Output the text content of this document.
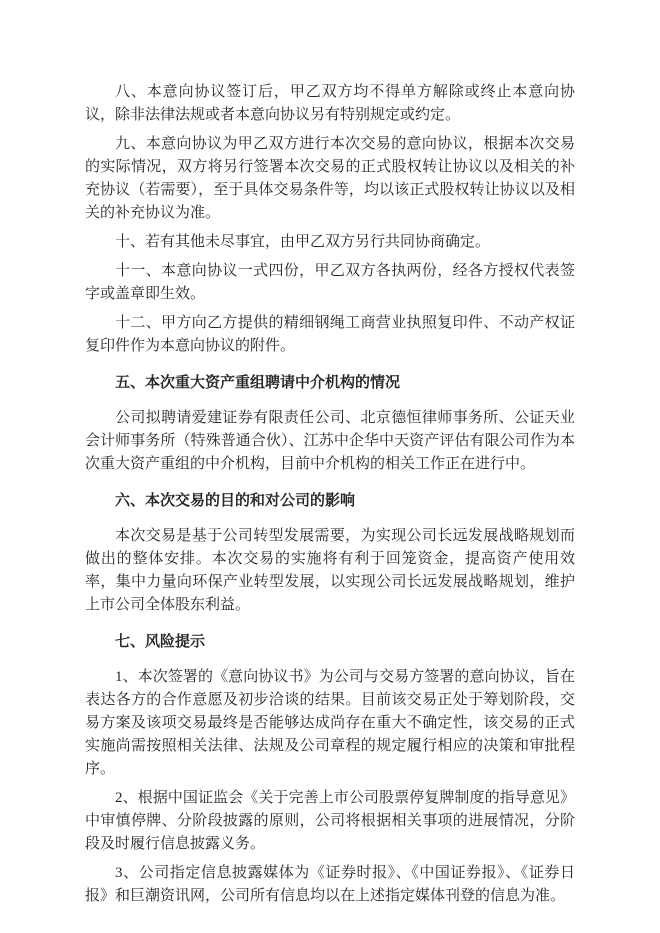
八、本意向协议签订后，甲乙双方均不得单方解除或终止本意向协议，除非法律法规或者本意向协议另有特别规定或约定。

九、本意向协议为甲乙双方进行本次交易的意向协议，根据本次交易的实际情况，双方将另行签署本次交易的正式股权转让协议以及相关的补充协议（若需要），至于具体交易条件等，均以该正式股权转让协议以及相关的补充协议为准。

十、若有其他未尽事宜，由甲乙双方另行共同协商确定。

十一、本意向协议一式四份，甲乙双方各执两份，经各方授权代表签字或盖章即生效。

十二、甲方向乙方提供的精细钢绳工商营业执照复印件、不动产权证复印件作为本意向协议的附件。

五、本次重大资产重组聘请中介机构的情况

公司拟聘请爱建证券有限责任公司、北京德恒律师事务所、公证天业会计师事务所（特殊普通合伙）、江苏中企华中天资产评估有限公司作为本次重大资产重组的中介机构，目前中介机构的相关工作正在进行中。

六、本次交易的目的和对公司的影响

本次交易是基于公司转型发展需要，为实现公司长远发展战略规划而做出的整体安排。本次交易的实施将有利于回笼资金，提高资产使用效率，集中力量向环保产业转型发展，以实现公司长远发展战略规划，维护上市公司全体股东利益。

七、风险提示

1、本次签署的《意向协议书》为公司与交易方签署的意向协议，旨在表达各方的合作意愿及初步洽谈的结果。目前该交易正处于筹划阶段，交易方案及该项交易最终是否能够达成尚存在重大不确定性，该交易的正式实施尚需按照相关法律、法规及公司章程的规定履行相应的决策和审批程序。

2、根据中国证监会《关于完善上市公司股票停复牌制度的指导意见》中审慎停牌、分阶段披露的原则，公司将根据相关事项的进展情况，分阶段及时履行信息披露义务。

3、公司指定信息披露媒体为《证券时报》、《中国证券报》、《证券日报》和巨潮资讯网，公司所有信息均以在上述指定媒体刊登的信息为准。
